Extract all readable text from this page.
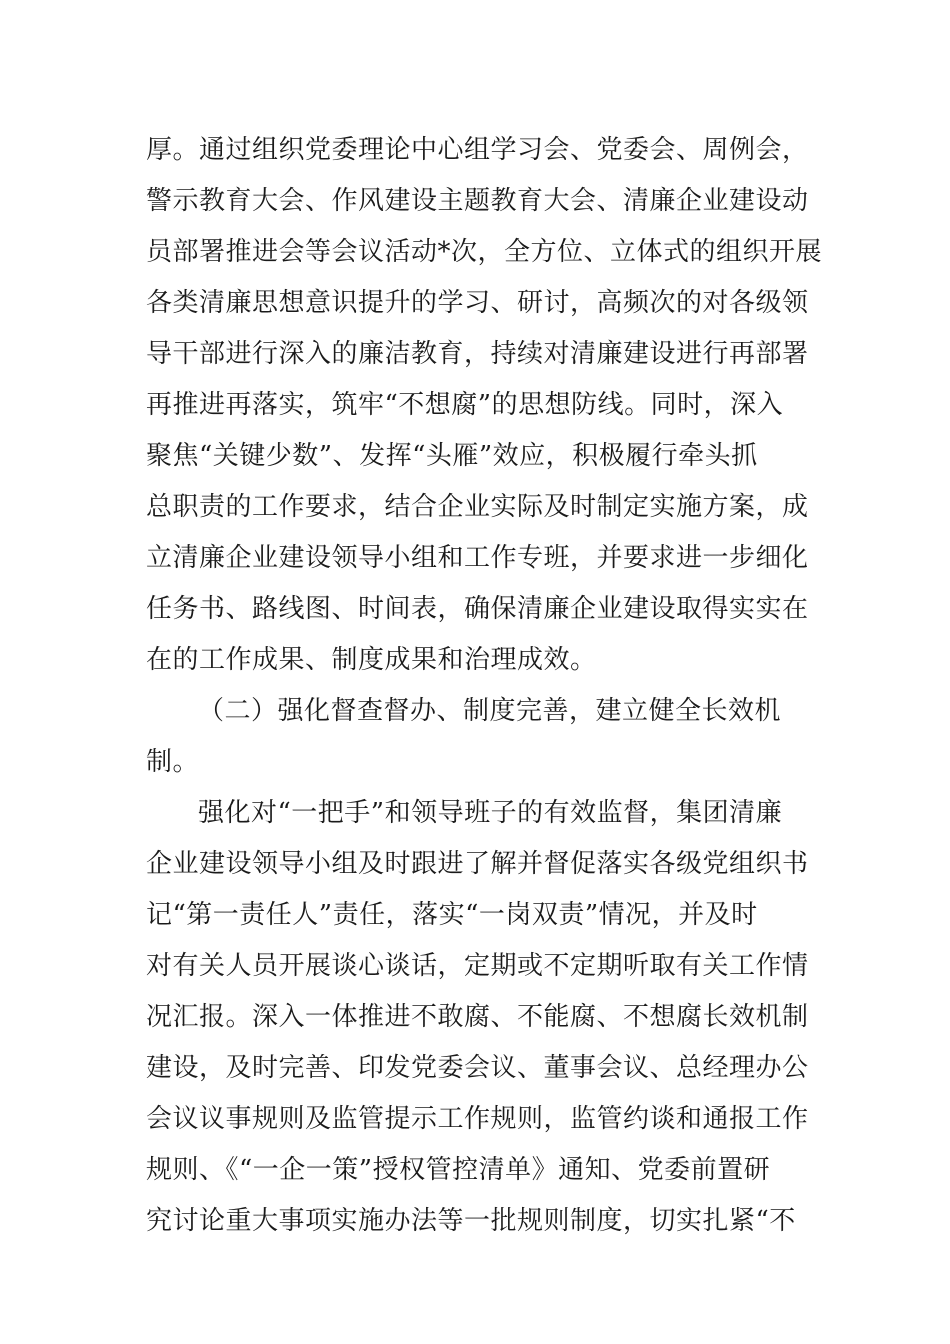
厚。通过组织党委理论中心组学习会、党委会、周例会，
警示教育大会、作风建设主题教育大会、清廉企业建设动
员部署推进会等会议活动*次，全方位、立体式的组织开展
各类清廉思想意识提升的学习、研讨，高频次的对各级领
导干部进行深入的廉洁教育，持续对清廉建设进行再部署
再推进再落实，筑牢“不想腐”的思想防线。同时，深入
聚焦“关键少数”、发挥“头雁”效应，积极履行牵头抓
总职责的工作要求，结合企业实际及时制定实施方案，成
立清廉企业建设领导小组和工作专班，并要求进一步细化
任务书、路线图、时间表，确保清廉企业建设取得实实在
在的工作成果、制度成果和治理成效。
（二）强化督查督办、制度完善，建立健全长效机
制。
强化对“一把手”和领导班子的有效监督，集团清廉
企业建设领导小组及时跟进了解并督促落实各级党组织书
记“第一责任人”责任，落实“一岗双责”情况，并及时
对有关人员开展谈心谈话，定期或不定期听取有关工作情
况汇报。深入一体推进不敢腐、不能腐、不想腐长效机制
建设，及时完善、印发党委会议、董事会议、总经理办公
会议议事规则及监管提示工作规则，监管约谈和通报工作
规则、《“一企一策”授权管控清单》通知、党委前置研
究讨论重大事项实施办法等一批规则制度，切实扎紧“不
